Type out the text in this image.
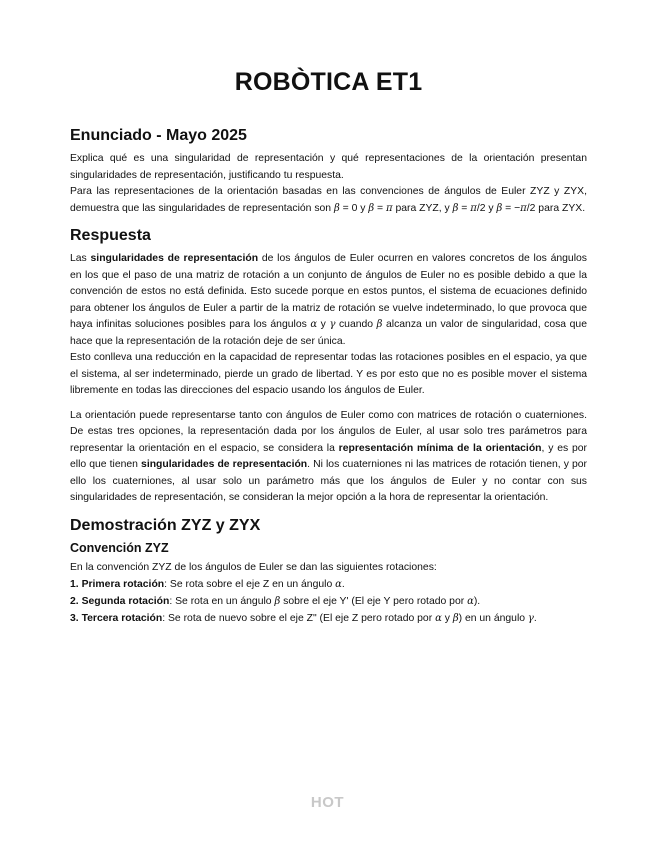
ROBÒTICA ET1
Enunciado - Mayo 2025

Explica qué es una singularidad de representación y qué representaciones de la orientación presentan singularidades de representación, justificando tu respuesta.

Para las representaciones de la orientación basadas en las convenciones de ángulos de Euler ZYZ y ZYX, demuestra que las singularidades de representación son β = 0 y β = π para ZYZ, y β = π/2 y β = −π/2 para ZYX.

Respuesta

Las singularidades de representación de los ángulos de Euler ocurren en valores concretos de los ángulos en los que el paso de una matriz de rotación a un conjunto de ángulos de Euler no es posible debido a que la convención de estos no está definida. Esto sucede porque en estos puntos, el sistema de ecuaciones definido para obtener los ángulos de Euler a partir de la matriz de rotación se vuelve indeterminado, lo que provoca que haya infinitas soluciones posibles para los ángulos α y γ cuando β alcanza un valor de singularidad, cosa que hace que la representación de la rotación deje de ser única.

Esto conlleva una reducción en la capacidad de representar todas las rotaciones posibles en el espacio, ya que el sistema, al ser indeterminado, pierde un grado de libertad. Y es por esto que no es posible mover el sistema libremente en todas las direcciones del espacio usando los ángulos de Euler.

La orientación puede representarse tanto con ángulos de Euler como con matrices de rotación o cuaterniones. De estas tres opciones, la representación dada por los ángulos de Euler, al usar solo tres parámetros para representar la orientación en el espacio, se considera la representación mínima de la orientación, y es por ello que tienen singularidades de representación. Ni los cuaterniones ni las matrices de rotación tienen, y por ello los cuaterniones, al usar solo un parámetro más que los ángulos de Euler y no contar con sus singularidades de representación, se consideran la mejor opción a la hora de representar la orientación.

Demostración ZYZ y ZYX
Convención ZYZ

En la convención ZYZ de los ángulos de Euler se dan las siguientes rotaciones:

1. Primera rotación: Se rota sobre el eje Z en un ángulo α.
2. Segunda rotación: Se rota en un ángulo β sobre el eje Y' (El eje Y pero rotado por α).
3. Tercera rotación: Se rota de nuevo sobre el eje Z" (El eje Z pero rotado por α y β) en un ángulo γ.
HOT
